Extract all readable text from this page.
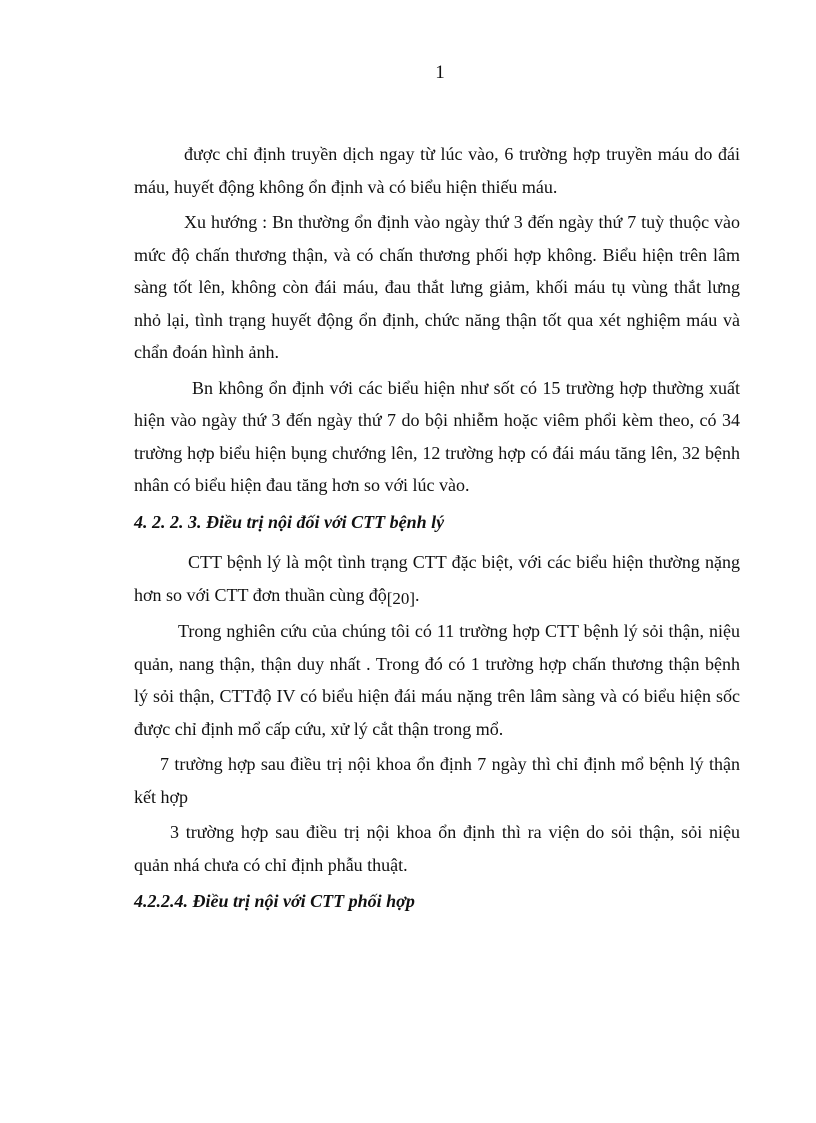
1

được chỉ định truyền dịch ngay từ lúc vào, 6 trường hợp truyền máu do đái máu, huyết động không ổn định và có biểu hiện thiếu máu.

Xu hướng : Bn thường ổn định vào ngày thứ 3 đến ngày thứ 7 tuỳ thuộc vào mức độ chấn thương thận, và có chấn thương phối hợp không. Biểu hiện trên lâm sàng tốt lên, không còn đái máu, đau thắt lưng giảm, khối máu tụ vùng thắt lưng nhỏ lại, tình trạng huyết động ổn định, chức năng thận tốt qua xét nghiệm máu và chẩn đoán hình ảnh.

Bn không ổn định với các biểu hiện như sốt có 15 trường hợp thường xuất hiện vào ngày thứ 3 đến ngày thứ 7 do bội nhiễm hoặc viêm phổi kèm theo, có 34 trường hợp biểu hiện bụng chướng lên, 12 trường hợp có đái máu tăng lên, 32 bệnh nhân có biểu hiện đau tăng hơn so với lúc vào.

4. 2. 2. 3. Điều trị nội đối với CTT bệnh lý

CTT bệnh lý là một tình trạng CTT đặc biệt, với các biểu hiện thường nặng hơn so với CTT đơn thuần cùng độ[20].

Trong nghiên cứu của chúng tôi có 11 trường hợp CTT bệnh lý sỏi thận, niệu quản, nang thận, thận duy nhất . Trong đó có 1 trường hợp chấn thương thận bệnh lý sỏi thận, CTTđộ IV có biểu hiện đái máu nặng trên lâm sàng và có biểu hiện sốc được chỉ định mổ cấp cứu, xử lý cắt thận trong mổ.

7 trường hợp sau điều trị nội khoa ổn định 7 ngày thì chỉ định mổ bệnh lý thận kết hợp

3 trường hợp sau điều trị nội khoa ổn định thì ra viện do sỏi thận, sỏi niệu quản nhá chưa có chỉ định phẫu thuật.

4.2.2.4. Điều trị nội với CTT phối hợp
